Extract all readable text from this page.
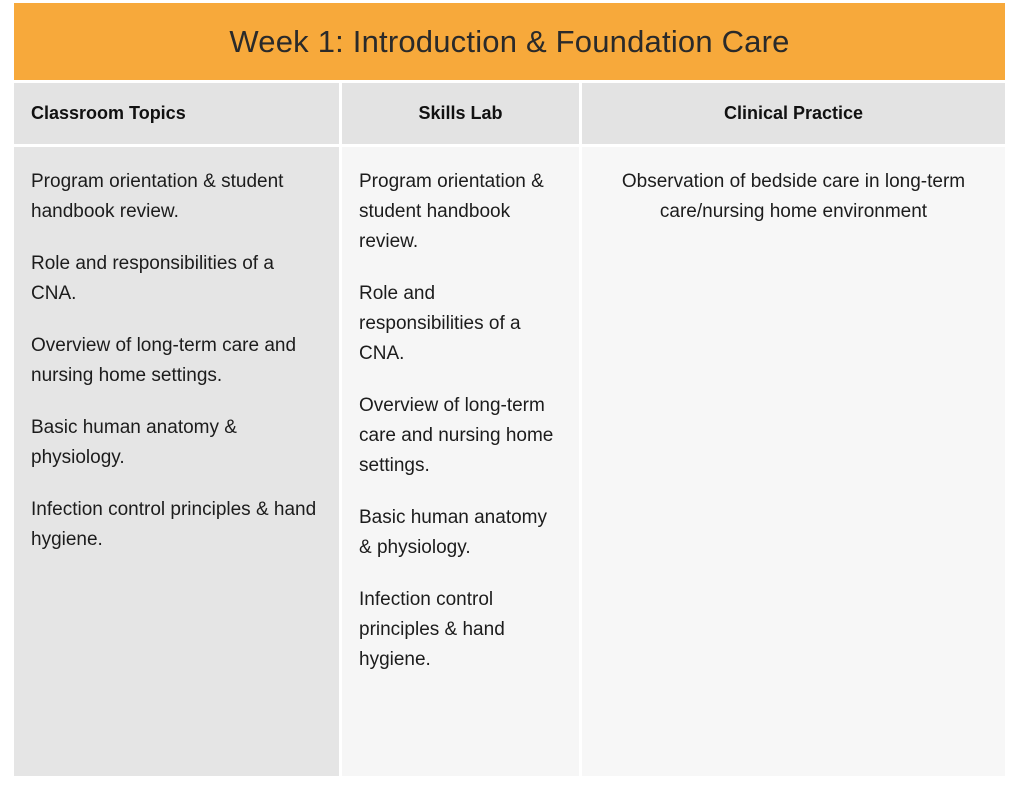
Week 1: Introduction & Foundation Care
Classroom Topics	Skills Lab	Clinical Practice

Program orientation & student handbook review.

Role and responsibilities of a CNA.

Overview of long-term care and nursing home settings.

Basic human anatomy & physiology.

Infection control principles & hand hygiene.

Program orientation & student handbook review.

Role and responsibilities of a CNA.

Overview of long-term care and nursing home settings.

Basic human anatomy & physiology.

Infection control principles & hand hygiene.

Observation of bedside care in long-term care/nursing home environment
